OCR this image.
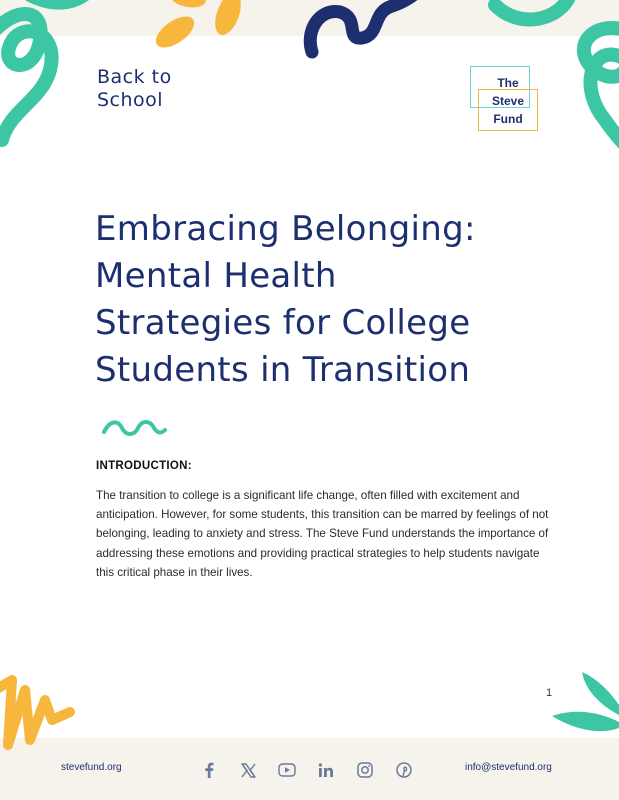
Back to
School
The
Steve
Fund
Embracing Belonging:
Mental Health
Strategies for College
Students in Transition
INTRODUCTION:

The transition to college is a significant life change, often filled with excitement and anticipation. However, for some students, this transition can be marred by feelings of not belonging, leading to anxiety and stress. The Steve Fund understands the importance of addressing these emotions and providing practical strategies to help students navigate this critical phase in their lives.

1
stevefund.org	info@stevefund.org
